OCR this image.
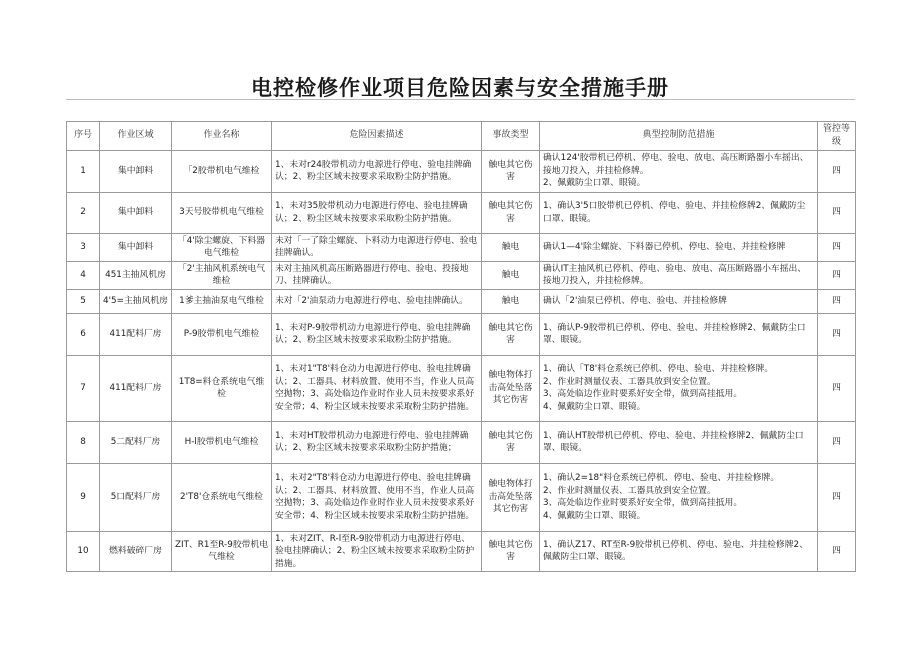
电控检修作业项目危险因素与安全措施手册
序号	作业区域	作业名称	危险因素描述	事故类型	典型控制防范措施	管控等级
1	集中卸料	「2胶带机电气维检	1、未对r24胶带机动力电源进行停电、验电挂牌确认；2、粉尘区域未按要求采取粉尘防护措施。	触电其它伤害	确认124'胶带机已停机、停电、验电、放电、高压断路器小车摇出、接地刀投入，并挂检修牌。
2、佩戴防尘口罩、眼镜。	四
2	集中卸料	3天号胶带机电气维检	1、未对35胶带机动力电源进行停电、验电挂牌确认；2、粉尘区域未按要求采取粉尘防护措施。	触电其它伤害	1、确认3'5口胶带机已停机、停电、验电、并挂检修牌2、佩戴防尘口罩、眼镜。	四
3	集中卸料	「4'除尘螺旋、下料器电气维检	未对「一了除尘螺旋、卜料动力电源进行停电、验电挂牌确认。	触电	确认1—4'除尘螺旋、下料器已停机、停电、验电、并挂检修牌	四
4	451主抽风机房	「2'主抽风机系统电气维检	未对主抽风机高压断路器进行停电、验电、投接地刀、挂牌确认。	触电	确认IT主抽风机已停机、停电、验电、放电、高压断路器小车摇出、接地刀投入，并挂检修牌。	四
5	4'5=主抽风机房	1爹主抽油泵电气维检	未对「2'油泵动力电源进行停电、验电挂牌确认。	触电	确认「2'油泵已停机、停电、验电、并挂检修牌	四
6	411配料厂房	P-9胶带机电气维检	1、未对P-9胶带机动力电源进行停电、验电挂牌确认；2、粉尘区域未按要求采取粉尘防护措施。	触电其它伤害	1、确认P-9胶带机已停机、停电、验电、并挂检修牌2、佩戴防尘口罩、眼镜。	四
7	411配料厂房	1T8=料仓系统电气维检	1、未对1"T8'料仓动力电源进行停电、验电挂牌确认；2、工器具、材料放置、使用不当，作业人员高空抛物；3、高处临边作业时作业人员未按要求系好安全带；4、粉尘区域未按要求采取粉尘防护措施。	触电物体打击高处坠落其它伤害	1、确认「T8'料仓系统已停机、停电、验电、并挂检修牌。
2、作业时测量仪表、工器具放到安全位置。
3、高处临边作业时要系好安全带，做到高挂抵用。
4、佩戴防尘口罩、眼镜。	四
8	5二配料厂房	H-l胶带机电气维检	1、未对HT胶带机动力电源进行停电、验电挂牌确认；2、粉尘区域未按要求采取粉尘防护措施；	触电其它伤害	1、确认HT胶带机已停机、停电、验电、并挂检修牌2、佩戴防尘口罩、眼镜。	四
9	5口配料厂房	2'T8'仓系统电气维检	1、未对2"T8'料仓动力电源进行停电、验电挂牌确认；2、工器具、材料放置、使用不当，作业人员高空抛物；3、高处临边作业时作业人员未按要求系好安全带；4、粉尘区域未按要求采取粉尘防护措施。	触电物体打击高处坠落其它伤害	1、确认2=18"料仓系统已停机、停电、验电、并挂检修牌。
2、作业时测量仪表、工器具放到安全位置。
3、高处临边作业时要系好安全带，做到高挂抵用。
4、佩戴防尘口罩、眼镜。	四
10	燃料破碎厂房	ZIT、R1至R-9胶带机电气维检	1、未对ZIT、R-l至R-9胶带机动力电源进行停电、验电挂牌确认；2、粉尘区域未按要求采取粉尘防护措施。	触电其它伤害	1、确认Z17、RT至R-9胶带机已停机、停电、验电、并挂检修牌2、佩戴防尘口罩、眼镜。	四
